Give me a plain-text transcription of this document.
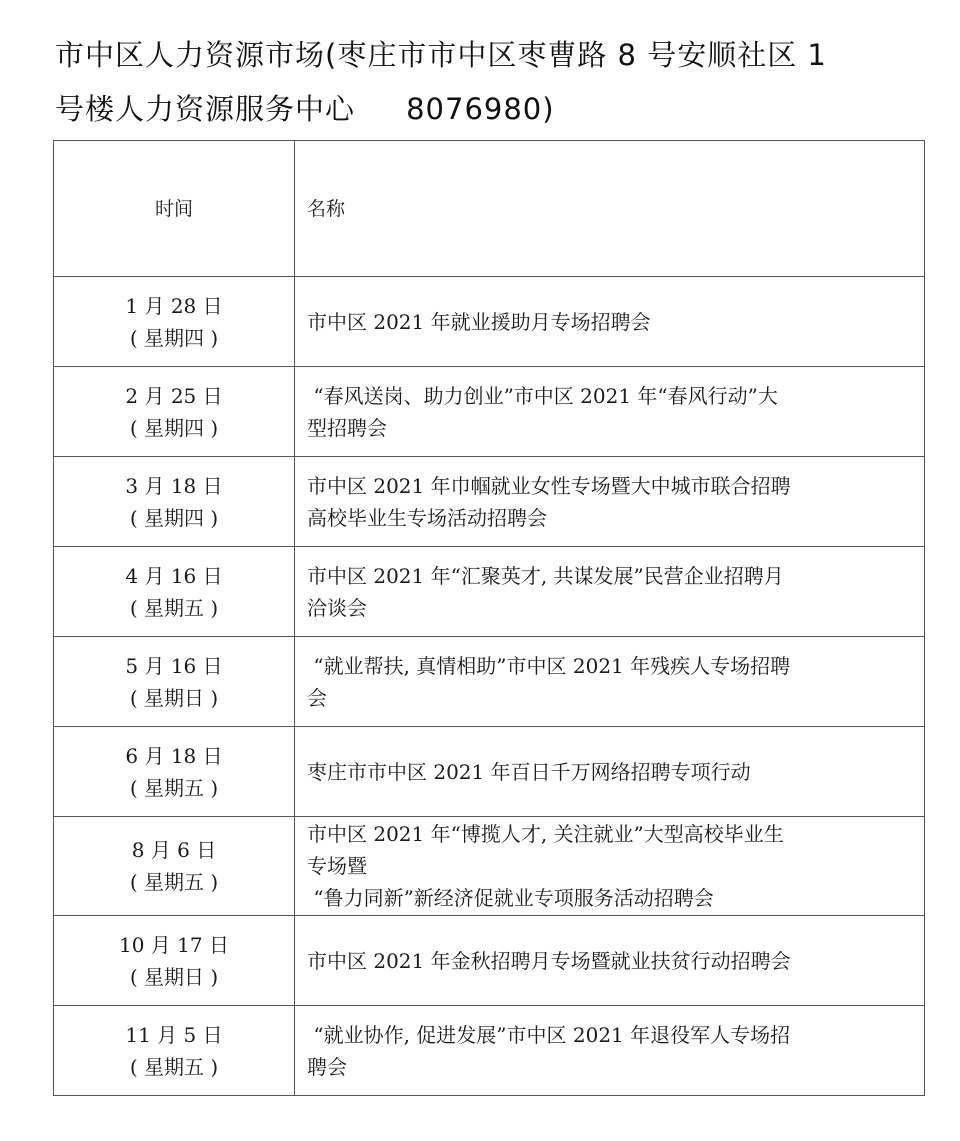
市中区人力资源市场(枣庄市市中区枣曹路 8 号安顺社区 1
号楼人力资源服务中心     8076980)
时间	名称

1 月 28 日
( 星期四 )	市中区 2021 年就业援助月专场招聘会

2 月 25 日
( 星期四 )	“春风送岗、助力创业”市中区 2021 年“春风行动”大
型招聘会

3 月 18 日
( 星期四 )	市中区 2021 年巾帼就业女性专场暨大中城市联合招聘
高校毕业生专场活动招聘会

4 月 16 日
( 星期五 )	市中区 2021 年“汇聚英才, 共谋发展”民营企业招聘月
洽谈会

5 月 16 日
( 星期日 )	“就业帮扶, 真情相助”市中区 2021 年残疾人专场招聘
会

6 月 18 日
( 星期五 )	枣庄市市中区 2021 年百日千万网络招聘专项行动

8 月 6 日
( 星期五 )	市中区 2021 年“博揽人才, 关注就业”大型高校毕业生
专场暨
“鲁力同新”新经济促就业专项服务活动招聘会

10 月 17 日
( 星期日 )	市中区 2021 年金秋招聘月专场暨就业扶贫行动招聘会

11 月 5 日
( 星期五 )	“就业协作, 促进发展”市中区 2021 年退役军人专场招
聘会
